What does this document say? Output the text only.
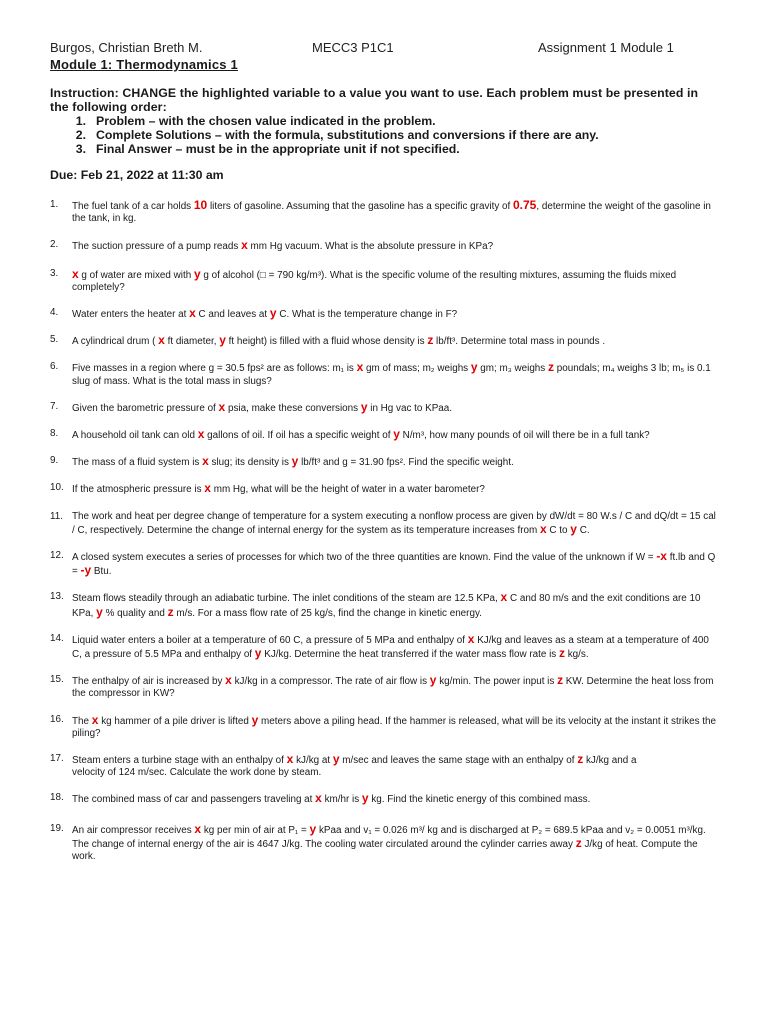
Burgos, Christian Breth M.	MECC3 P1C1	Assignment 1 Module 1
Module 1: Thermodynamics 1
Instruction: CHANGE the highlighted variable to a value you want to use. Each problem must be presented in the following order:
1. Problem – with the chosen value indicated in the problem.
2. Complete Solutions – with the formula, substitutions and conversions if there are any.
3. Final Answer – must be in the appropriate unit if not specified.
Due: Feb 21, 2022 at 11:30 am
1.	The fuel tank of a car holds 10 liters of gasoline. Assuming that the gasoline has a specific gravity of 0.75, determine the weight of the gasoline in the tank, in kg.
2.	The suction pressure of a pump reads x mm Hg vacuum. What is the absolute pressure in KPa?
3.	x g of water are mixed with y g of alcohol (□ = 790 kg/m³). What is the specific volume of the resulting mixtures, assuming the fluids mixed completely?
4.	Water enters the heater at x C and leaves at y C. What is the temperature change in F?
5.	A cylindrical drum ( x ft diameter, y ft height) is filled with a fluid whose density is z lb/ft³. Determine total mass in pounds .
6.	Five masses in a region where g = 30.5 fps² are as follows: m₁ is x gm of mass; m₂ weighs y gm; m₃ weighs z poundals; m₄ weighs 3 lb; m₅ is 0.1 slug of mass. What is the total mass in slugs?
7.	Given the barometric pressure of x psia, make these conversions y in Hg vac to KPaa.
8.	A household oil tank can old x gallons of oil. If oil has a specific weight of y N/m³, how many pounds of oil will there be in a full tank?
9.	The mass of a fluid system is x slug; its density is y lb/ft³ and g = 31.90 fps². Find the specific weight.
10. If the atmospheric pressure is x mm Hg, what will be the height of water in a water barometer?
11. The work and heat per degree change of temperature for a system executing a nonflow process are given by dW/dt = 80 W.s / C and dQ/dt = 15 cal / C, respectively. Determine the change of internal energy for the system as its temperature increases from x C to y C.
12. A closed system executes a series of processes for which two of the three quantities are known. Find the value of the unknown if W = -x ft.lb and Q = -y Btu.
13. Steam flows steadily through an adiabatic turbine. The inlet conditions of the steam are 12.5 KPa, x C and 80 m/s and the exit conditions are 10 KPa, y % quality and z m/s. For a mass flow rate of 25 kg/s, find the change in kinetic energy.
14. Liquid water enters a boiler at a temperature of 60 C, a pressure of 5 MPa and enthalpy of x KJ/kg and leaves as a steam at a temperature of 400 C, a pressure of 5.5 MPa and enthalpy of y KJ/kg. Determine the heat transferred if the water mass flow rate is z kg/s.
15. The enthalpy of air is increased by x kJ/kg in a compressor. The rate of air flow is y kg/min. The power input is z KW. Determine the heat loss from the compressor in KW?
16. The x kg hammer of a pile driver is lifted y meters above a piling head. If the hammer is released, what will be its velocity at the instant it strikes the piling?
17. Steam enters a turbine stage with an enthalpy of x kJ/kg at y m/sec and leaves the same stage with an enthalpy of z kJ/kg and a
velocity of 124 m/sec. Calculate the work done by steam.
18. The combined mass of car and passengers traveling at x km/hr is y kg. Find the kinetic energy of this combined mass.
19. An air compressor receives x kg per min of air at P₁ = y kPaa and v₁ = 0.026 m³/ kg and is discharged at P₂ = 689.5 kPaa and v₂ = 0.0051 m³/kg. The change of internal energy of the air is 4647 J/kg. The cooling water circulated around the cylinder carries away z J/kg of heat. Compute the work.
